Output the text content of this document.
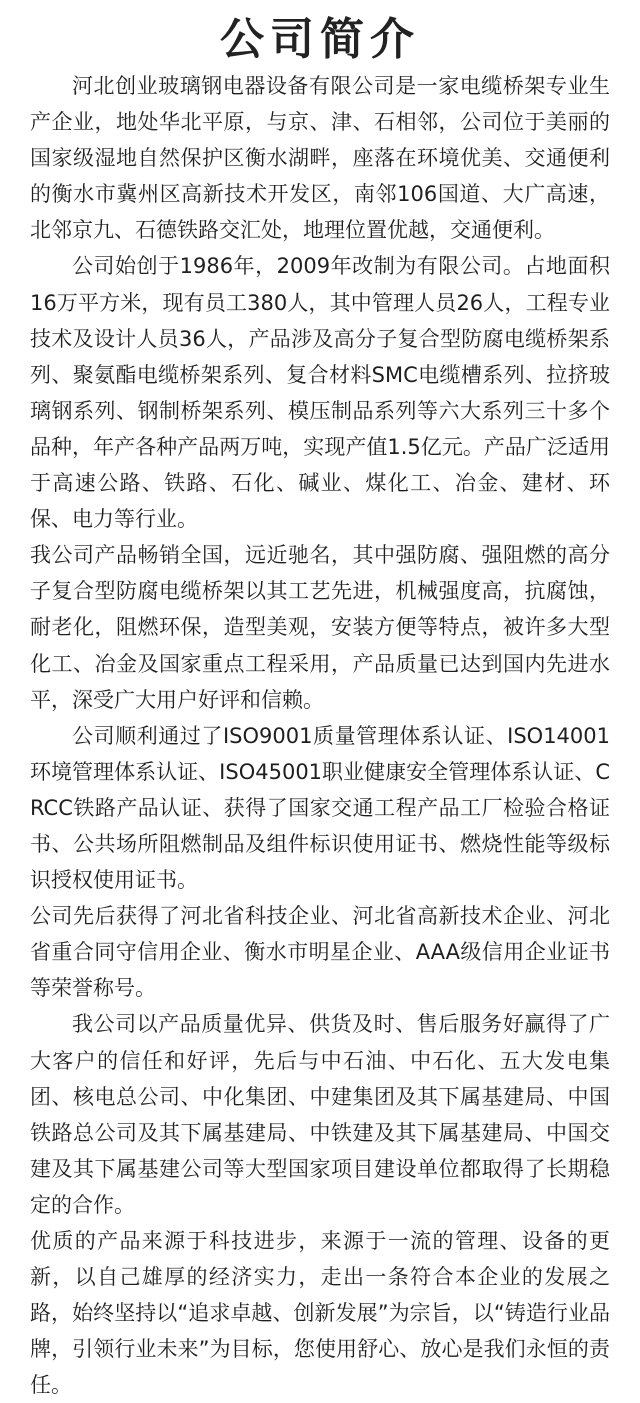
公司简介

河北创业玻璃钢电器设备有限公司是一家电缆桥架专业生产企业，地处华北平原，与京、津、石相邻，公司位于美丽的国家级湿地自然保护区衡水湖畔，座落在环境优美、交通便利的衡水市冀州区高新技术开发区，南邻106国道、大广高速，北邻京九、石德铁路交汇处，地理位置优越，交通便利。

公司始创于1986年，2009年改制为有限公司。占地面积16万平方米，现有员工380人，其中管理人员26人，工程专业技术及设计人员36人，产品涉及高分子复合型防腐电缆桥架系列、聚氨酯电缆桥架系列、复合材料SMC电缆槽系列、拉挤玻璃钢系列、钢制桥架系列、模压制品系列等六大系列三十多个品种，年产各种产品两万吨，实现产值1.5亿元。产品广泛适用于高速公路、铁路、石化、碱业、煤化工、冶金、建材、环保、电力等行业。

我公司产品畅销全国，远近驰名，其中强防腐、强阻燃的高分子复合型防腐电缆桥架以其工艺先进，机械强度高，抗腐蚀，耐老化，阻燃环保，造型美观，安装方便等特点，被许多大型化工、冶金及国家重点工程采用，产品质量已达到国内先进水平，深受广大用户好评和信赖。

公司顺利通过了ISO9001质量管理体系认证、ISO14001环境管理体系认证、ISO45001职业健康安全管理体系认证、CRCC铁路产品认证、获得了国家交通工程产品工厂检验合格证书、公共场所阻燃制品及组件标识使用证书、燃烧性能等级标识授权使用证书。

公司先后获得了河北省科技企业、河北省高新技术企业、河北省重合同守信用企业、衡水市明星企业、AAA级信用企业证书等荣誉称号。

我公司以产品质量优异、供货及时、售后服务好赢得了广大客户的信任和好评，先后与中石油、中石化、五大发电集团、核电总公司、中化集团、中建集团及其下属基建局、中国铁路总公司及其下属基建局、中铁建及其下属基建局、中国交建及其下属基建公司等大型国家项目建设单位都取得了长期稳定的合作。

优质的产品来源于科技进步，来源于一流的管理、设备的更新，以自己雄厚的经济实力，走出一条符合本企业的发展之路，始终坚持以“追求卓越、创新发展”为宗旨，以“铸造行业品牌，引领行业未来”为目标，您使用舒心、放心是我们永恒的责任。
